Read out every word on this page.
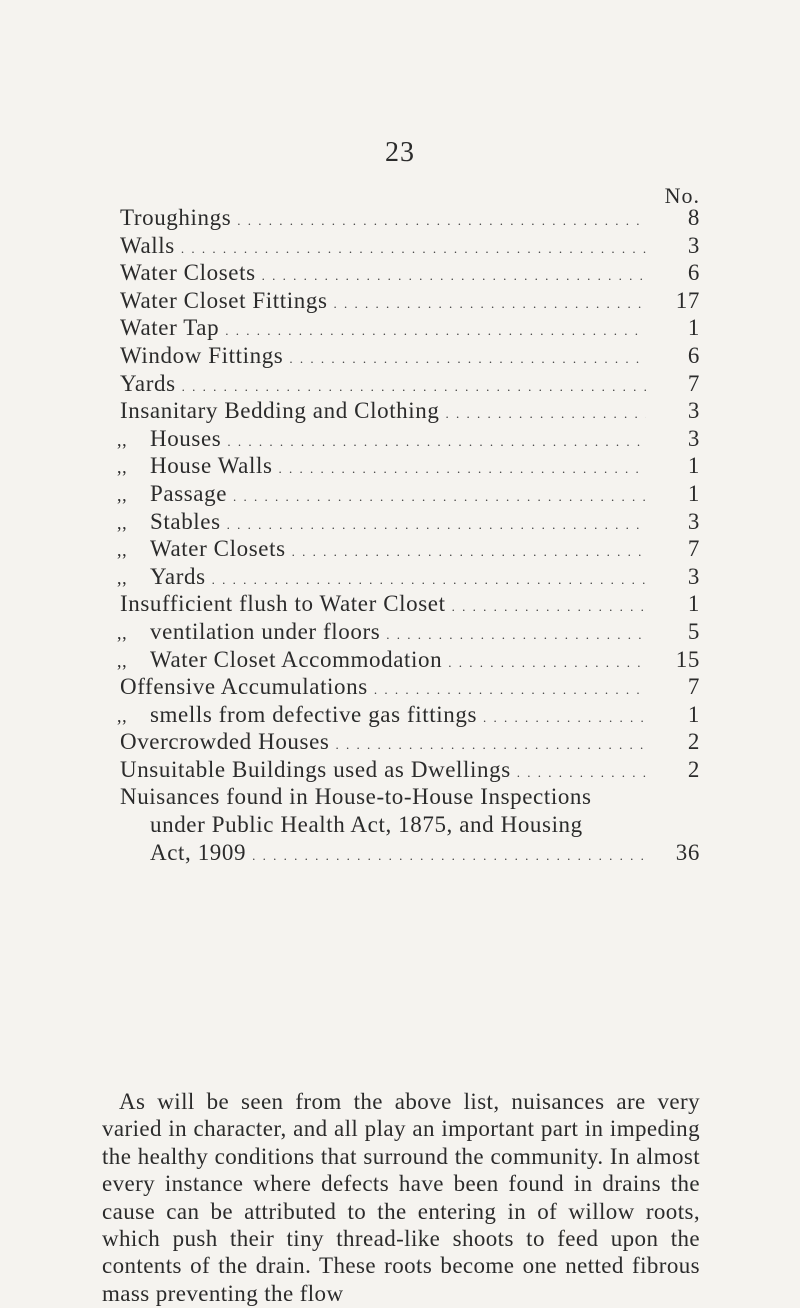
23
No.
Troughings . . .	8
Walls . . .	3
Water Closets . . .	6
Water Closet Fittings . . .	17
Water Tap . . .	1
Window Fittings . . .	6
Yards . . .	7
Insanitary Bedding and Clothing . . .	3
,, Houses . . .	3
,, House Walls . . .	1
,, Passage . . .	1
,, Stables . . .	3
,, Water Closets . . .	7
,, Yards . . .	3
Insufficient flush to Water Closet . . .	1
,, ventilation under floors . . .	5
,, Water Closet Accommodation . . .	15
Offensive Accumulations . . .	7
,, smells from defective gas fittings . . .	1
Overcrowded Houses . . .	2
Unsuitable Buildings used as Dwellings . . .	2
Nuisances found in House-to-House Inspections
under Public Health Act, 1875, and Housing
Act, 1909 . . .	36

As will be seen from the above list, nuisances are very varied in character, and all play an important part in impeding the healthy conditions that surround the community. In almost every instance where defects have been found in drains the cause can be attributed to the entering in of willow roots, which push their tiny thread-like shoots to feed upon the contents of the drain. These roots become one netted fibrous mass preventing the flow
